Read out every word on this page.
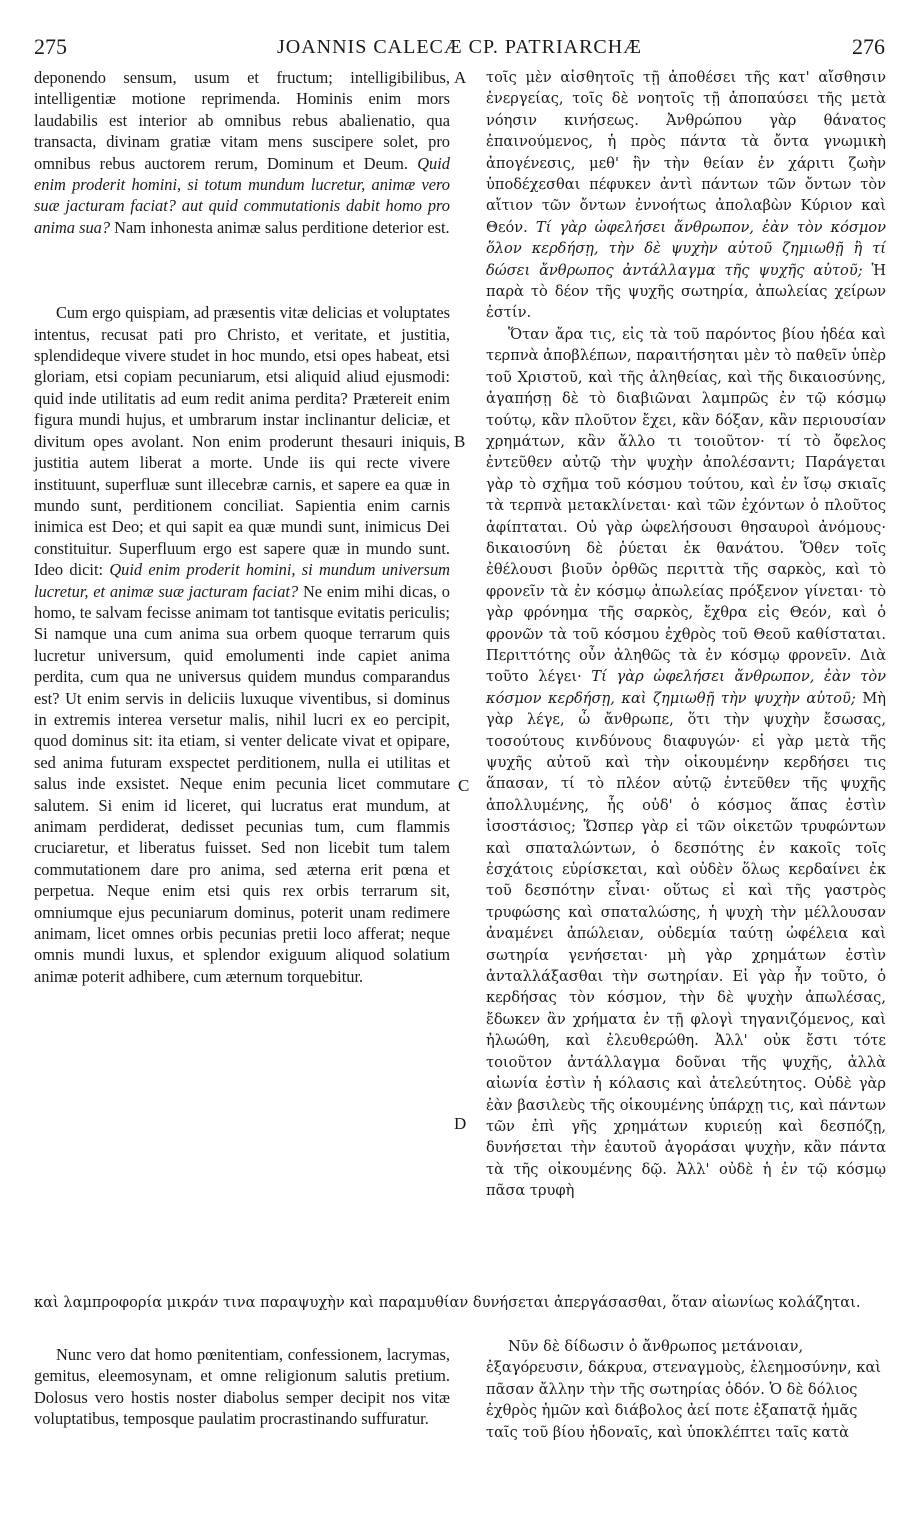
275	JOANNIS CALECÆ CP. PATRIARCHÆ	276
A
B
C
D

deponendo sensum, usum et fructum; intelligibilibus, intelligentiæ motione reprimenda. Hominis enim mors laudabilis est interior ab omnibus rebus abalienatio, qua transacta, divinam gratiæ vitam mens suscipere solet, pro omnibus rebus auctorem rerum, Dominum et Deum. Quid enim proderit homini, si totum mundum lucretur, animæ vero suæ jacturam faciat? aut quid commutationis dabit homo pro anima sua? Nam inhonesta animæ salus perditione deterior est.

Cum ergo quispiam, ad præsentis vitæ delicias et voluptates intentus, recusat pati pro Christo, et veritate, et justitia, splendideque vivere studet in hoc mundo, etsi opes habeat, etsi gloriam, etsi copiam pecuniarum, etsi aliquid aliud ejusmodi: quid inde utilitatis ad eum redit anima perdita? Prætereit enim figura mundi hujus, et umbrarum instar inclinantur deliciæ, et divitum opes avolant. Non enim proderunt thesauri iniquis, justitia autem liberat a morte. Unde iis qui recte vivere instituunt, superfluæ sunt illecebræ carnis, et sapere ea quæ in mundo sunt, perditionem conciliat. Sapientia enim carnis inimica est Deo; et qui sapit ea quæ mundi sunt, inimicus Dei constituitur. Superfluum ergo est sapere quæ in mundo sunt. Ideo dicit: Quid enim proderit homini, si mundum universum lucretur, et animæ suæ jacturam faciat? Ne enim mihi dicas, o homo, te salvam fecisse animam tot tantisque evitatis periculis; Si namque una cum anima sua orbem quoque terrarum quis lucretur universum, quid emolumenti inde capiet anima perdita, cum qua ne universus quidem mundus comparandus est? Ut enim servis in deliciis luxuque viventibus, si dominus in extremis interea versetur malis, nihil lucri ex eo percipit, quod dominus sit: ita etiam, si venter delicate vivat et opipare, sed anima futuram exspectet perditionem, nulla ei utilitas et salus inde exsistet. Neque enim pecunia licet commutare salutem. Si enim id liceret, qui lucratus erat mundum, at animam perdiderat, dedisset pecunias tum, cum flammis cruciaretur, et liberatus fuisset. Sed non licebit tum talem commutationem dare pro anima, sed æterna erit pœna et perpetua. Neque enim etsi quis rex orbis terrarum sit, omniumque ejus pecuniarum dominus, poterit unam redimere animam, licet omnes orbis pecunias pretii loco afferat; neque omnis mundi luxus, et splendor exiguum aliquod solatium animæ poterit adhibere, cum æternum torquebitur.

τοῖς μὲν αἰσθητοῖς τῇ ἀποθέσει τῆς κατ' αἴσθησιν ἐνεργείας, τοῖς δὲ νοητοῖς τῇ ἀποπαύσει τῆς μετὰ νόησιν κινήσεως. Ἀνθρώπου γὰρ θάνατος ἐπαινούμενος, ἡ πρὸς πάντα τὰ ὄντα γνωμικὴ ἀπογένεσις, μεθ' ἣν τὴν θείαν ἐν χάριτι ζωὴν ὑποδέχεσθαι πέφυκεν ἀντὶ πάντων τῶν ὄντων τὸν αἴτιον τῶν ὄντων ἐννοήτως ἀπολαβὼν Κύριον καὶ Θεόν. Τί γὰρ ὠφελήσει ἄνθρωπον, ἐὰν τὸν κόσμον ὅλον κερδήσῃ, τὴν δὲ ψυχὴν αὐτοῦ ζημιωθῇ ἢ τί δώσει ἄνθρωπος ἀντάλλαγμα τῆς ψυχῆς αὐτοῦ; Ἡ παρὰ τὸ δέον τῆς ψυχῆς σωτηρία, ἀπωλείας χείρων ἐστίν.

Ὅταν ἄρα τις, εἰς τὰ τοῦ παρόντος βίου ἡδέα καὶ τερπνὰ ἀποβλέπων, παραιτήσηται μὲν τὸ παθεῖν ὑπὲρ τοῦ Χριστοῦ, καὶ τῆς ἀληθείας, καὶ τῆς δικαιοσύνης, ἀγαπήσῃ δὲ τὸ διαβιῶναι λαμπρῶς ἐν τῷ κόσμῳ τούτῳ, κἂν πλοῦτον ἔχει, κἂν δόξαν, κἂν περιουσίαν χρημάτων, κἂν ἄλλο τι τοιοῦτον· τί τὸ ὄφελος ἐντεῦθεν αὐτῷ τὴν ψυχὴν ἀπολέσαντι; Παράγεται γὰρ τὸ σχῆμα τοῦ κόσμου τούτου, καὶ ἐν ἴσῳ σκιαῖς τὰ τερπνὰ μετακλίνεται· καὶ τῶν ἐχόντων ὁ πλοῦτος ἀφίπταται. Οὐ γὰρ ὠφελήσουσι θησαυροὶ ἀνόμους· δικαιοσύνη δὲ ῥύεται ἐκ θανάτου. Ὅθεν τοῖς ἐθέλουσι βιοῦν ὀρθῶς περιττὰ τῆς σαρκὸς, καὶ τὸ φρονεῖν τὰ ἐν κόσμῳ ἀπωλείας πρόξενον γίνεται· τὸ γὰρ φρόνημα τῆς σαρκὸς, ἔχθρα εἰς Θεόν, καὶ ὁ φρονῶν τὰ τοῦ κόσμου ἐχθρὸς τοῦ Θεοῦ καθίσταται. Περιττότης οὖν ἀληθῶς τὰ ἐν κόσμῳ φρονεῖν. Διὰ τοῦτο λέγει· Τί γὰρ ὠφελήσει ἄνθρωπον, ἐὰν τὸν κόσμον κερδήσῃ, καὶ ζημιωθῇ τὴν ψυχὴν αὐτοῦ; Μὴ γὰρ λέγε, ὦ ἄνθρωπε, ὅτι τὴν ψυχὴν ἔσωσας, τοσούτους κινδύνους διαφυγών· εἰ γὰρ μετὰ τῆς ψυχῆς αὐτοῦ καὶ τὴν οἰκουμένην κερδήσει τις ἅπασαν, τί τὸ πλέον αὐτῷ ἐντεῦθεν τῆς ψυχῆς ἀπολλυμένης, ἧς οὐδ' ὁ κόσμος ἅπας ἐστὶν ἰσοστάσιος; Ὥσπερ γὰρ εἰ τῶν οἰκετῶν τρυφώντων καὶ σπαταλώντων, ὁ δεσπότης ἐν κακοῖς τοῖς ἐσχάτοις εὑρίσκεται, καὶ οὐδὲν ὅλως κερδαίνει ἐκ τοῦ δεσπότην εἶναι· οὕτως εἰ καὶ τῆς γαστρὸς τρυφώσης καὶ σπαταλώσης, ἡ ψυχὴ τὴν μέλλουσαν ἀναμένει ἀπώλειαν, οὐδεμία ταύτῃ ὠφέλεια καὶ σωτηρία γενήσεται· μὴ γὰρ χρημάτων ἐστὶν ἀνταλλάξασθαι τὴν σωτηρίαν. Εἰ γὰρ ἦν τοῦτο, ὁ κερδήσας τὸν κόσμον, τὴν δὲ ψυχὴν ἀπωλέσας, ἔδωκεν ἂν χρήματα ἐν τῇ φλογὶ τηγανιζόμενος, καὶ ἠλωώθη, καὶ ἐλευθερώθη. Ἀλλ' οὐκ ἔστι τότε τοιοῦτον ἀντάλλαγμα δοῦναι τῆς ψυχῆς, ἀλλὰ αἰωνία ἐστὶν ἡ κόλασις καὶ ἀτελεύτητος. Οὐδὲ γὰρ ἐὰν βασιλεὺς τῆς οἰκουμένης ὑπάρχῃ τις, καὶ πάντων τῶν ἐπὶ γῆς χρημάτων κυριεύῃ καὶ δεσπόζῃ, δυνήσεται τὴν ἑαυτοῦ ἀγοράσαι ψυχὴν, κἂν πάντα τὰ τῆς οἰκουμένης δῷ. Ἀλλ' οὐδὲ ἡ ἐν τῷ κόσμῳ πᾶσα τρυφὴ

καὶ λαμπροφορία μικράν τινα παραψυχὴν καὶ παραμυθίαν δυνήσεται ἀπεργάσασθαι, ὅταν αἰωνίως κολάζηται.

Nunc vero dat homo pœnitentiam, confessionem, lacrymas, gemitus, eleemosynam, et omne religionum salutis pretium. Dolosus vero hostis noster diabolus semper decipit nos vitæ voluptatibus, temposque paulatim procrastinando suffuratur.

Νῦν δὲ δίδωσιν ὁ ἄνθρωπος μετάνοιαν, ἐξαγόρευσιν, δάκρυα, στεναγμοὺς, ἐλεημοσύνην, καὶ πᾶσαν ἄλλην τὴν τῆς σωτηρίας ὁδόν. Ὁ δὲ δόλιος ἐχθρὸς ἡμῶν καὶ διάβολος ἀεί ποτε ἐξαπατᾷ ἡμᾶς ταῖς τοῦ βίου ἡδοναῖς, καὶ ὑποκλέπτει ταῖς κατὰ
